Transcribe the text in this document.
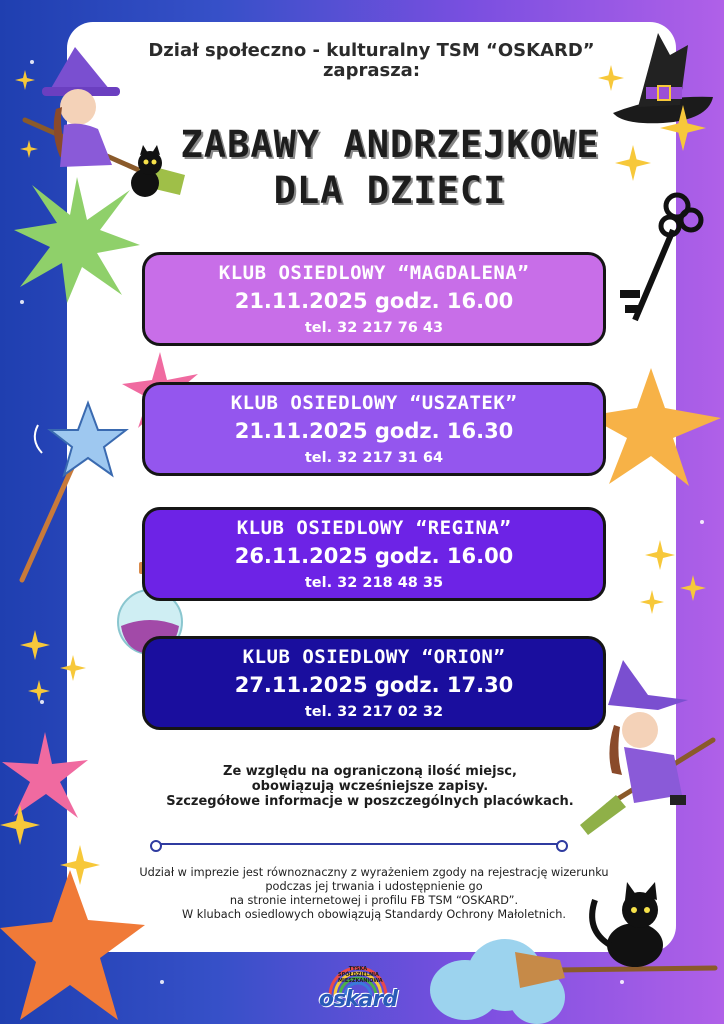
Dział społeczno - kulturalny TSM “OSKARD”
zaprasza:
ZABAWY ANDRZEJKOWE
DLA DZIECI
KLUB OSIEDLOWY “MAGDALENA”
21.11.2025 godz. 16.00
tel. 32 217 76 43
KLUB OSIEDLOWY “USZATEK”
21.11.2025 godz. 16.30
tel. 32 217 31 64
KLUB OSIEDLOWY “REGINA”
26.11.2025 godz. 16.00
tel. 32 218 48 35
KLUB OSIEDLOWY “ORION”
27.11.2025 godz. 17.30
tel. 32 217 02 32
Ze względu na ograniczoną ilość miejsc,
obowiązują wcześniejsze zapisy.
Szczegółowe informacje w poszczególnych placówkach.
Udział w imprezie jest równoznaczny z wyrażeniem zgody na rejestrację wizerunku
podczas jej trwania i udostępnienie go
na stronie internetowej i profilu FB TSM “OSKARD”.
W klubach osiedlowych obowiązują Standardy Ochrony Małoletnich.
TYSKA
SPÓŁDZIELNIA
MIESZKANIOWA
oskard
